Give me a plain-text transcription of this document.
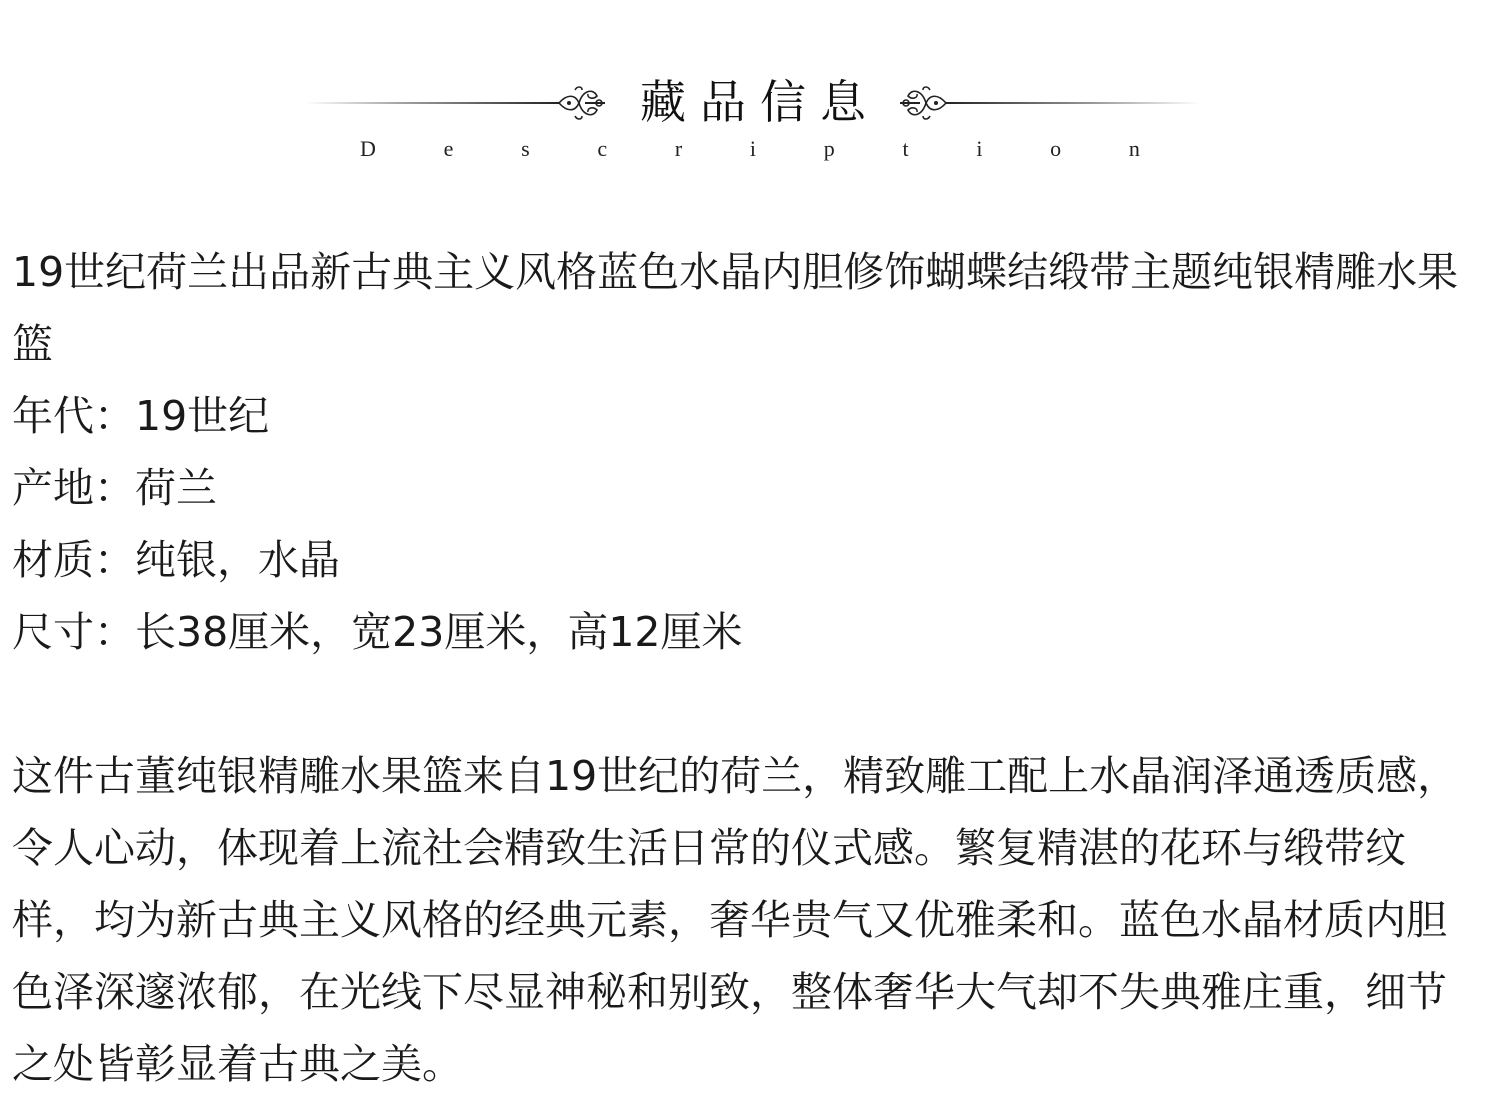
藏品信息
D	e	s	c	r	i	p	t	i	o	n

19世纪荷兰出品新古典主义风格蓝色水晶内胆修饰蝴蝶结缎带主题纯银精雕水果篮

年代：19世纪

产地：荷兰

材质：纯银，水晶

尺寸：长38厘米，宽23厘米，高12厘米

这件古董纯银精雕水果篮来自19世纪的荷兰，精致雕工配上水晶润泽通透质感，令人心动，体现着上流社会精致生活日常的仪式感。繁复精湛的花环与缎带纹样，均为新古典主义风格的经典元素，奢华贵气又优雅柔和。蓝色水晶材质内胆色泽深邃浓郁，在光线下尽显神秘和别致，整体奢华大气却不失典雅庄重，细节之处皆彰显着古典之美。
